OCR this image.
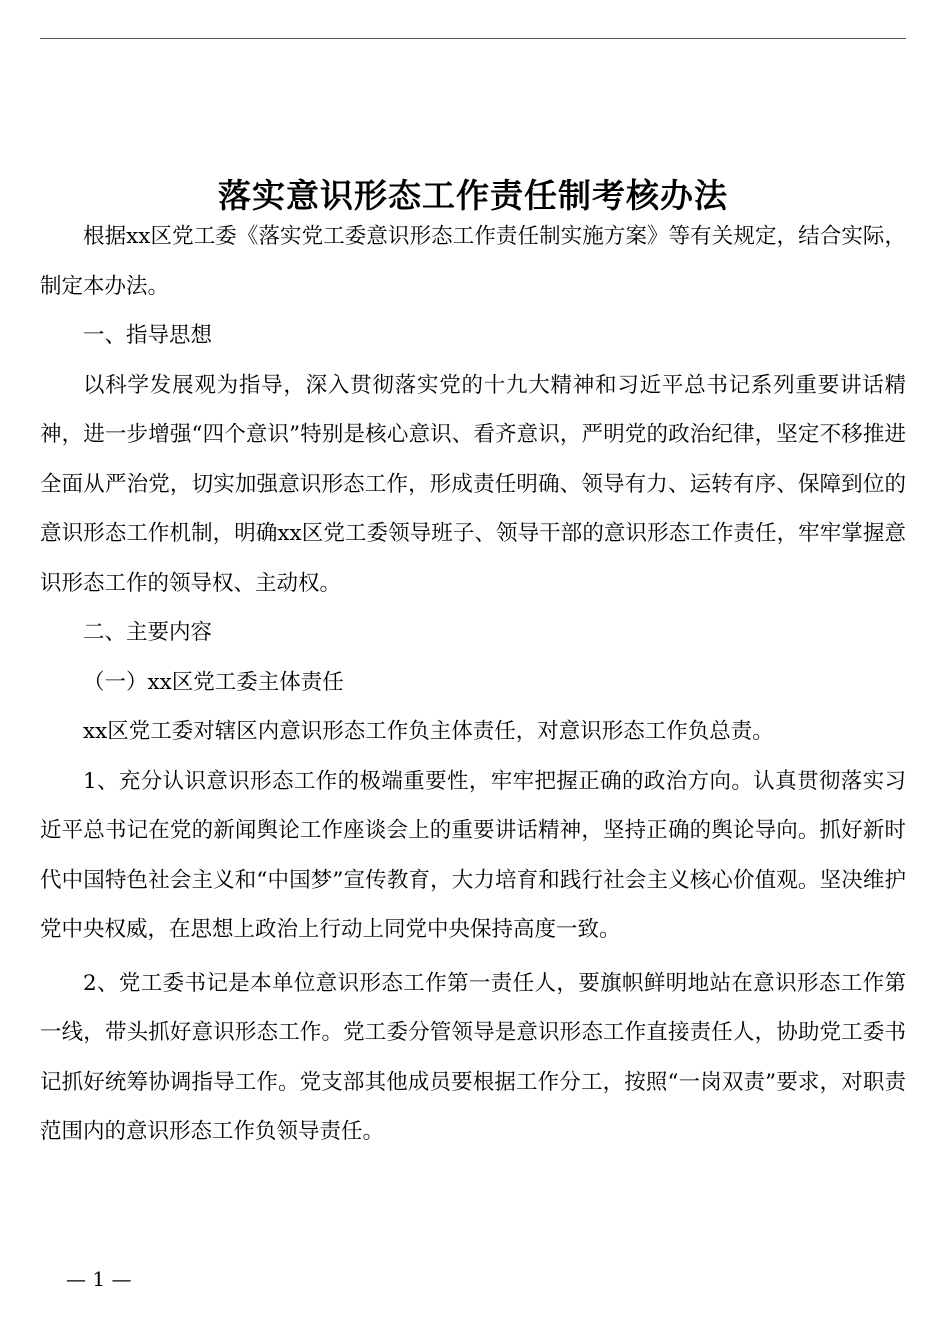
落实意识形态工作责任制考核办法

根据xx区党工委《落实党工委意识形态工作责任制实施方案》等有关规定，结合实际，制定本办法。

一、指导思想

以科学发展观为指导，深入贯彻落实党的十九大精神和习近平总书记系列重要讲话精神，进一步增强“四个意识”特别是核心意识、看齐意识，严明党的政治纪律，坚定不移推进全面从严治党，切实加强意识形态工作，形成责任明确、领导有力、运转有序、保障到位的意识形态工作机制，明确xx区党工委领导班子、领导干部的意识形态工作责任，牢牢掌握意识形态工作的领导权、主动权。

二、主要内容

（一）xx区党工委主体责任

xx区党工委对辖区内意识形态工作负主体责任，对意识形态工作负总责。

1、充分认识意识形态工作的极端重要性，牢牢把握正确的政治方向。认真贯彻落实习近平总书记在党的新闻舆论工作座谈会上的重要讲话精神，坚持正确的舆论导向。抓好新时代中国特色社会主义和“中国梦”宣传教育，大力培育和践行社会主义核心价值观。坚决维护党中央权威，在思想上政治上行动上同党中央保持高度一致。

2、党工委书记是本单位意识形态工作第一责任人，要旗帜鲜明地站在意识形态工作第一线，带头抓好意识形态工作。党工委分管领导是意识形态工作直接责任人，协助党工委书记抓好统筹协调指导工作。党支部其他成员要根据工作分工，按照“一岗双责”要求，对职责范围内的意识形态工作负领导责任。

— 1 —
